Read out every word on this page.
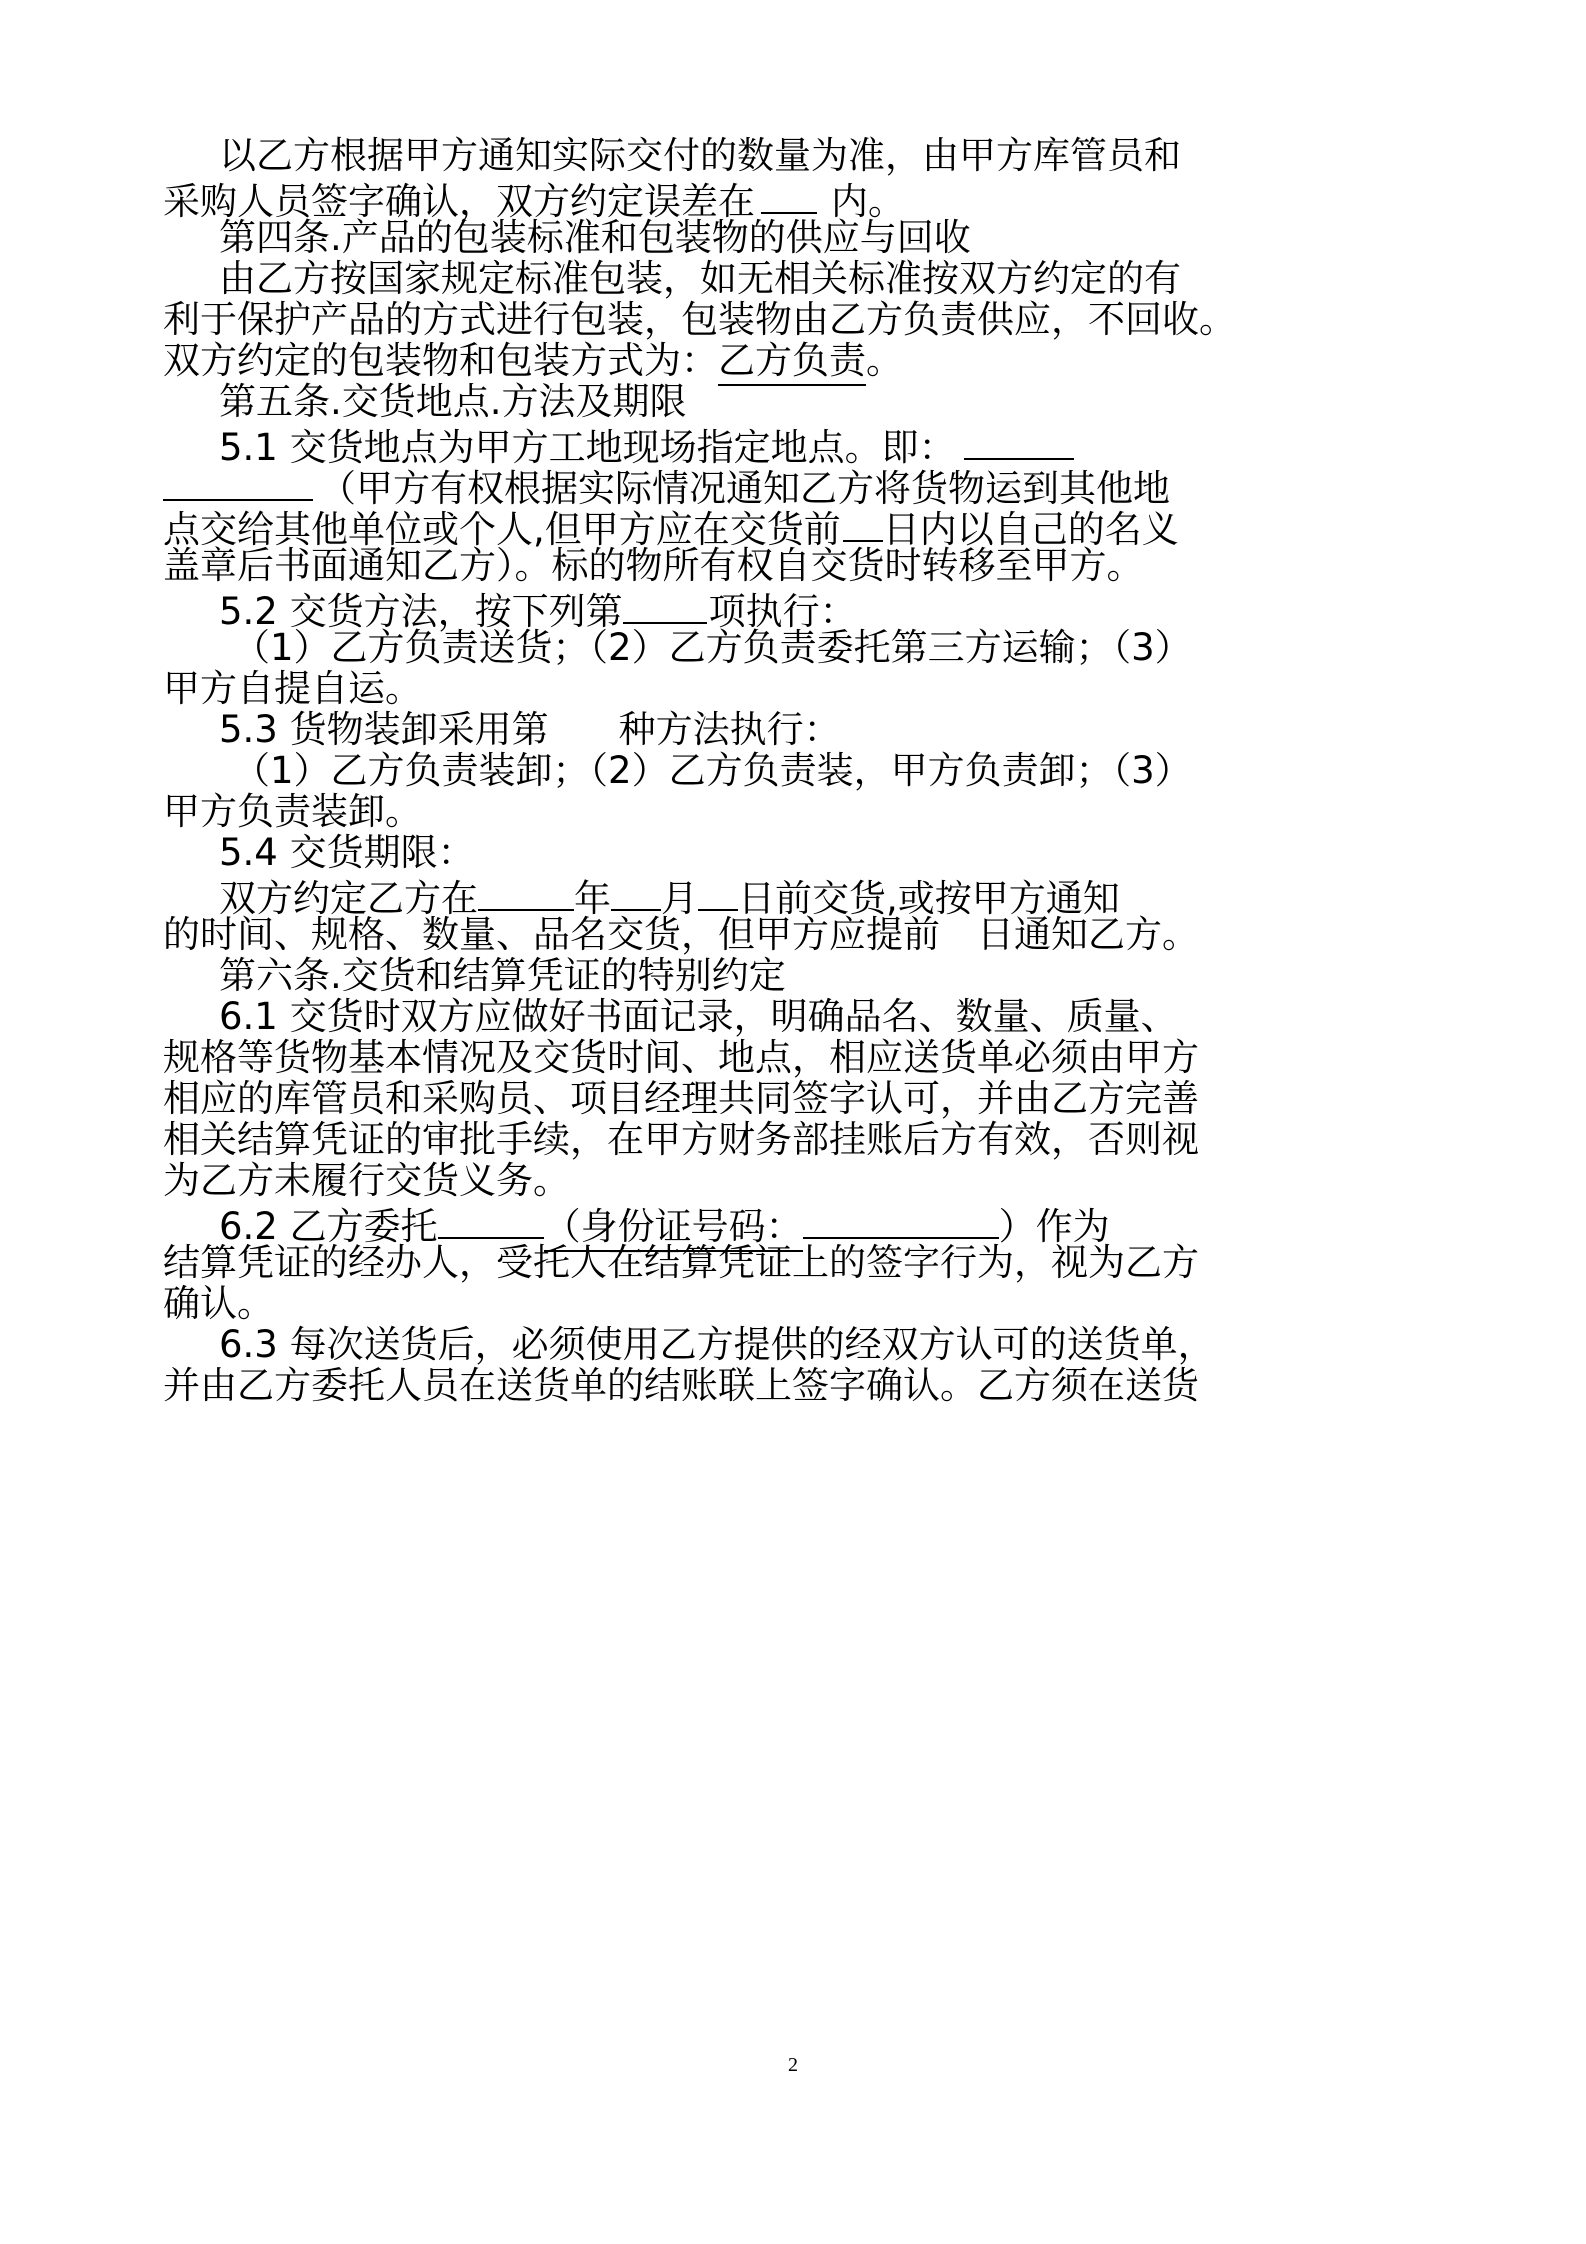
以乙方根据甲方通知实际交付的数量为准，由甲方库管员和
采购人员签字确认，双方约定误差在 内。
第四条.产品的包装标准和包装物的供应与回收
由乙方按国家规定标准包装，如无相关标准按双方约定的有
利于保护产品的方式进行包装，包装物由乙方负责供应，不回收。
双方约定的包装物和包装方式为：乙方负责。
第五条.交货地点.方法及期限
5.1 交货地点为甲方工地现场指定地点。即：
（甲方有权根据实际情况通知乙方将货物运到其他地
点交给其他单位或个人,但甲方应在交货前 日内以自己的名义
盖章后书面通知乙方）。标的物所有权自交货时转移至甲方。
5.2 交货方法，按下列第 项执行：
（1）乙方负责送货；（2）乙方负责委托第三方运输；（3）
甲方自提自运。
5.3 货物装卸采用第 种方法执行：
（1）乙方负责装卸；（2）乙方负责装，甲方负责卸；（3）
甲方负责装卸。
5.4 交货期限：
双方约定乙方在	年 月 日前交货,或按甲方通知
的时间、规格、数量、品名交货，但甲方应提前　日通知乙方。
第六条.交货和结算凭证的特别约定
6.1 交货时双方应做好书面记录，明确品名、数量、质量、
规格等货物基本情况及交货时间、地点，相应送货单必须由甲方
相应的库管员和采购员、项目经理共同签字认可，并由乙方完善
相关结算凭证的审批手续，在甲方财务部挂账后方有效，否则视
为乙方未履行交货义务。
6.2 乙方委托	（身份证号码：	）作为
结算凭证的经办人，受托人在结算凭证上的签字行为，视为乙方
确认。
6.3 每次送货后，必须使用乙方提供的经双方认可的送货单，
并由乙方委托人员在送货单的结账联上签字确认。乙方须在送货
2
